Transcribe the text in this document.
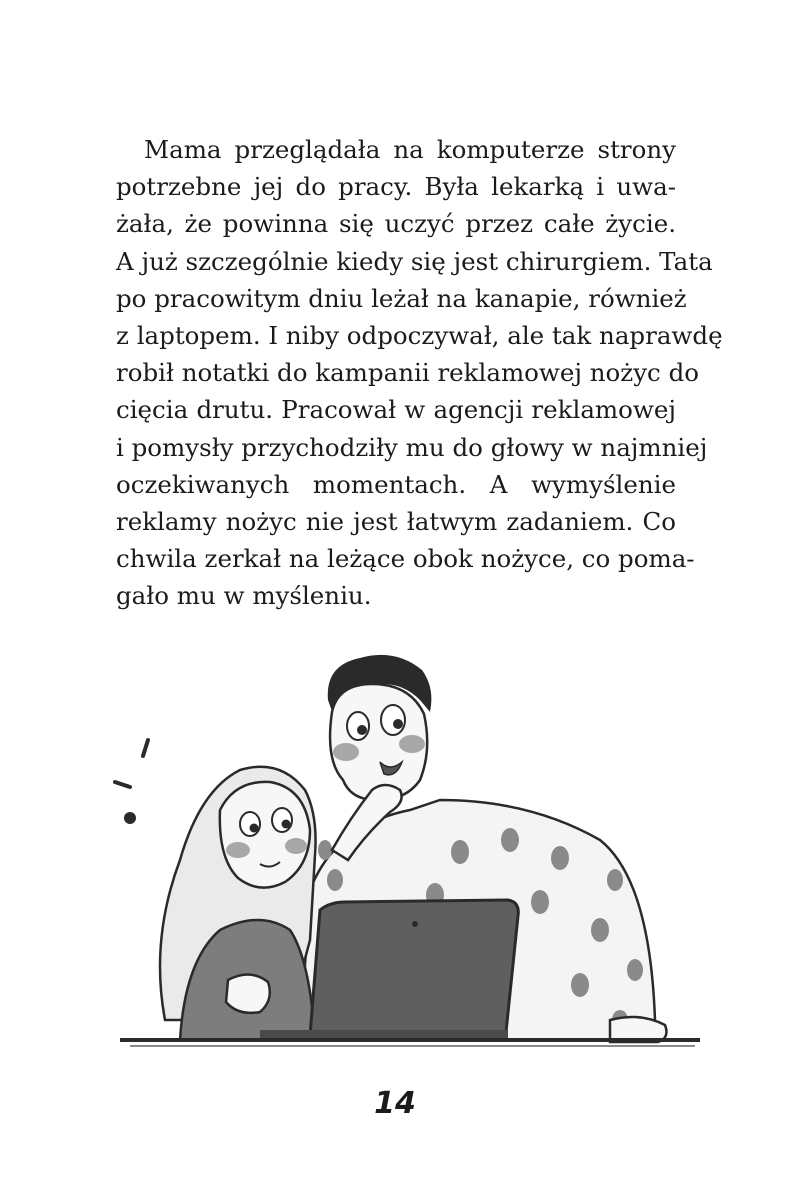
Mama przeglądała na komputerze strony
potrzebne jej do pracy. Była lekarką i uwa-
żała, że powinna się uczyć przez całe życie.
A już szczególnie kiedy się jest chirurgiem. Tata
po pracowitym dniu leżał na kanapie, również
z laptopem. I niby odpoczywał, ale tak naprawdę
robił notatki do kampanii reklamowej nożyc do
cięcia drutu. Pracował w agencji reklamowej
i pomysły przychodziły mu do głowy w najmniej
oczekiwanych momentach. A wymyślenie
reklamy nożyc nie jest łatwym zadaniem. Co
chwila zerkał na leżące obok nożyce, co poma-
gało mu w myśleniu.
14
